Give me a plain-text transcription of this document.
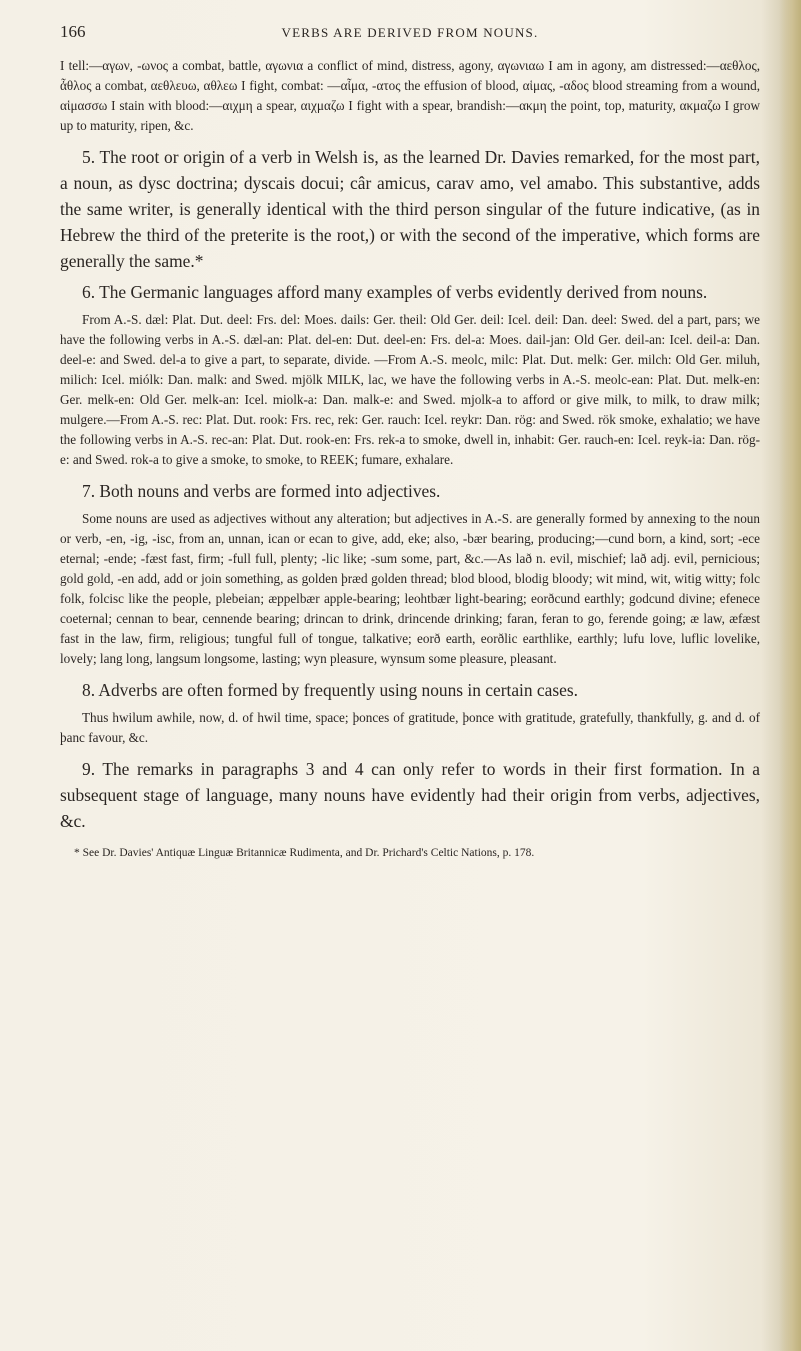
166	VERBS ARE DERIVED FROM NOUNS.

I tell:—αγων, -ωνος a combat, battle, αγωνια a conflict of mind, distress, agony, αγωνιαω I am in agony, am distressed:—αεθλος, ἆθλος a combat, αεθλευω, αθλεω I fight, combat: —αἷμα, -ατος the effusion of blood, αἱμας, -αδος blood streaming from a wound, αἱμασσω I stain with blood:—αιχμη a spear, αιχμαζω I fight with a spear, brandish:—ακμη the point, top, maturity, ακμαζω I grow up to maturity, ripen, &c.

5. The root or origin of a verb in Welsh is, as the learned Dr. Davies remarked, for the most part, a noun, as dysc doctrina; dyscais docui; câr amicus, carav amo, vel amabo. This substantive, adds the same writer, is generally identical with the third person singular of the future indicative, (as in Hebrew the third of the preterite is the root,) or with the second of the imperative, which forms are generally the same.*

6. The Germanic languages afford many examples of verbs evidently derived from nouns.

From A.-S. dæl: Plat. Dut. deel: Frs. del: Moes. dails: Ger. theil: Old Ger. deil: Icel. deil: Dan. deel: Swed. del a part, pars; we have the following verbs in A.-S. dæl-an: Plat. del-en: Dut. deel-en: Frs. del-a: Moes. dail-jan: Old Ger. deil-an: Icel. deil-a: Dan. deel-e: and Swed. del-a to give a part, to separate, divide. —From A.-S. meolc, milc: Plat. Dut. melk: Ger. milch: Old Ger. miluh, milich: Icel. miólk: Dan. malk: and Swed. mjölk MILK, lac, we have the following verbs in A.-S. meolc-ean: Plat. Dut. melk-en: Ger. melk-en: Old Ger. melk-an: Icel. miolk-a: Dan. malk-e: and Swed. mjolk-a to afford or give milk, to milk, to draw milk; mulgere.—From A.-S. rec: Plat. Dut. rook: Frs. rec, rek: Ger. rauch: Icel. reykr: Dan. rög: and Swed. rök smoke, exhalatio; we have the following verbs in A.-S. rec-an: Plat. Dut. rook-en: Frs. rek-a to smoke, dwell in, inhabit: Ger. rauch-en: Icel. reyk-ia: Dan. rög-e: and Swed. rok-a to give a smoke, to smoke, to REEK; fumare, exhalare.

7. Both nouns and verbs are formed into adjectives.

Some nouns are used as adjectives without any alteration; but adjectives in A.-S. are generally formed by annexing to the noun or verb, -en, -ig, -isc, from an, unnan, ican or ecan to give, add, eke; also, -bær bearing, producing;—cund born, a kind, sort; -ece eternal; -ende; -fæst fast, firm; -full full, plenty; -lic like; -sum some, part, &c.—As lað n. evil, mischief; lað adj. evil, pernicious; gold gold, -en add, add or join something, as golden þræd golden thread; blod blood, blodig bloody; wit mind, wit, witig witty; folc folk, folcisc like the people, plebeian; æppelbær apple-bearing; leohtbær light-bearing; eorðcund earthly; godcund divine; efenece coeternal; cennan to bear, cennende bearing; drincan to drink, drincende drinking; faran, feran to go, ferende going; æ law, æfæst fast in the law, firm, religious; tungful full of tongue, talkative; eorð earth, eorðlic earthlike, earthly; lufu love, luflic lovelike, lovely; lang long, langsum longsome, lasting; wyn pleasure, wynsum some pleasure, pleasant.

8. Adverbs are often formed by frequently using nouns in certain cases.

Thus hwilum awhile, now, d. of hwil time, space; þonces of gratitude, þonce with gratitude, gratefully, thankfully, g. and d. of þanc favour, &c.

9. The remarks in paragraphs 3 and 4 can only refer to words in their first formation. In a subsequent stage of language, many nouns have evidently had their origin from verbs, adjectives, &c.

* See Dr. Davies' Antiquæ Linguæ Britannicæ Rudimenta, and Dr. Prichard's Celtic Nations, p. 178.
